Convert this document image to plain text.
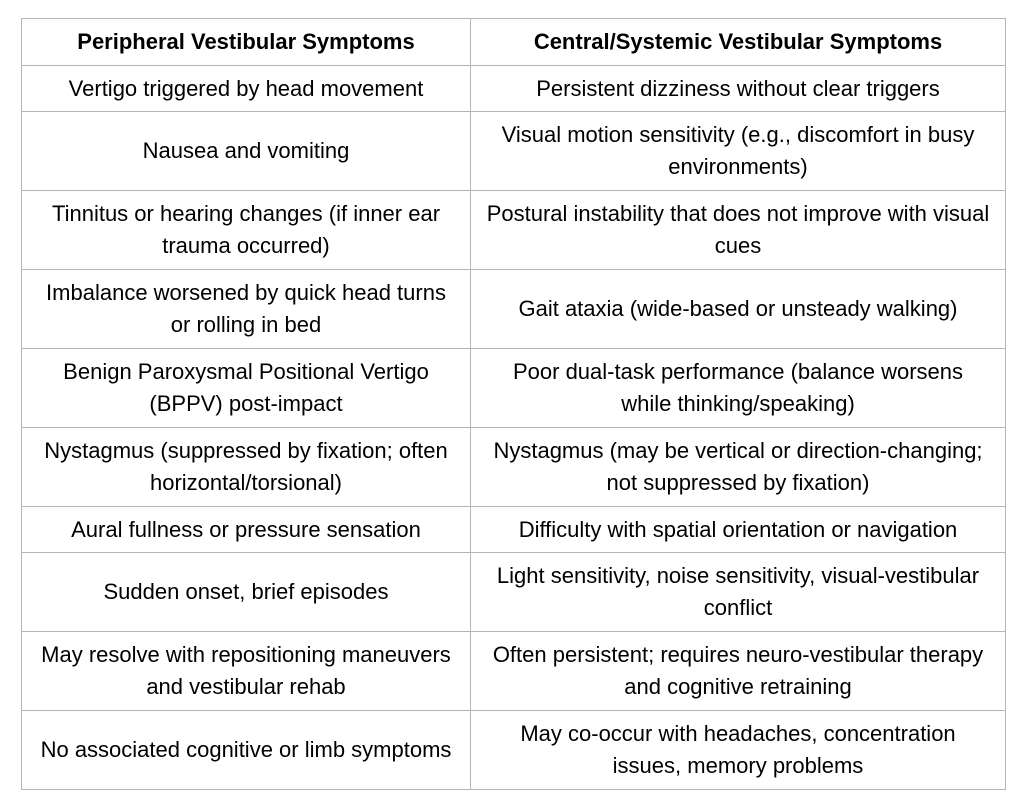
Peripheral Vestibular Symptoms	Central/Systemic Vestibular Symptoms
Vertigo triggered by head movement	Persistent dizziness without clear triggers
Nausea and vomiting	Visual motion sensitivity (e.g., discomfort in busy environments)
Tinnitus or hearing changes (if inner ear trauma occurred)	Postural instability that does not improve with visual cues
Imbalance worsened by quick head turns or rolling in bed	Gait ataxia (wide-based or unsteady walking)
Benign Paroxysmal Positional Vertigo (BPPV) post-impact	Poor dual-task performance (balance worsens while thinking/speaking)
Nystagmus (suppressed by fixation; often horizontal/torsional)	Nystagmus (may be vertical or direction-changing; not suppressed by fixation)
Aural fullness or pressure sensation	Difficulty with spatial orientation or navigation
Sudden onset, brief episodes	Light sensitivity, noise sensitivity, visual-vestibular conflict
May resolve with repositioning maneuvers and vestibular rehab	Often persistent; requires neuro-vestibular therapy and cognitive retraining
No associated cognitive or limb symptoms	May co-occur with headaches, concentration issues, memory problems
